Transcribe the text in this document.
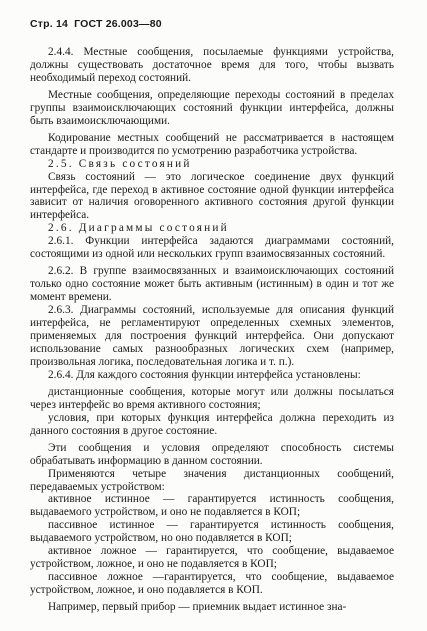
Стр. 14 ГОСТ 26.003—80

2.4.4. Местные сообщения, посылаемые функциями устройства, должны существовать достаточное время для того, чтобы вызвать необходимый переход состояний.

Местные сообщения, определяющие переходы состояний в пределах группы взаимоисключающих состояний функции интерфейса, должны быть взаимоисключающими.

Кодирование местных сообщений не рассматривается в настоящем стандарте и производится по усмотрению разработчика устройства.

2.5. Связь состояний

Связь состояний — это логическое соединение двух функций интерфейса, где переход в активное состояние одной функции интерфейса зависит от наличия оговоренного активного состояния другой функции интерфейса.

2.6. Диаграммы состояний

2.6.1. Функции интерфейса задаются диаграммами состояний, состоящими из одной или нескольких групп взаимосвязанных состояний.

2.6.2. В группе взаимосвязанных и взаимоисключающих состояний только одно состояние может быть активным (истинным) в один и тот же момент времени.

2.6.3. Диаграммы состояний, используемые для описания функций интерфейса, не регламентируют определенных схемных элементов, применяемых для построения функций интерфейса. Они допускают использование самых разнообразных логических схем (например, произвольная логика, последовательная логика и т. п.).

2.6.4. Для каждого состояния функции интерфейса установлены:

дистанционные сообщения, которые могут или должны посылаться через интерфейс во время активного состояния;

условия, при которых функция интерфейса должна переходить из данного состояния в другое состояние.

Эти сообщения и условия определяют способность системы обрабатывать информацию в данном состоянии.

Применяются четыре значения дистанционных сообщений, передаваемых устройством:

активное истинное — гарантируется истинность сообщения, выдаваемого устройством, и оно не подавляется в КОП;

пассивное истинное — гарантируется истинность сообщения, выдаваемого устройством, но оно подавляется в КОП;

активное ложное — гарантируется, что сообщение, выдаваемое устройством, ложное, и оно не подавляется в КОП;

пассивное ложное —гарантируется, что сообщение, выдаваемое устройством, ложное, и оно подавляется в КОП.

Например, первый прибор — приемник выдает истинное зна-
